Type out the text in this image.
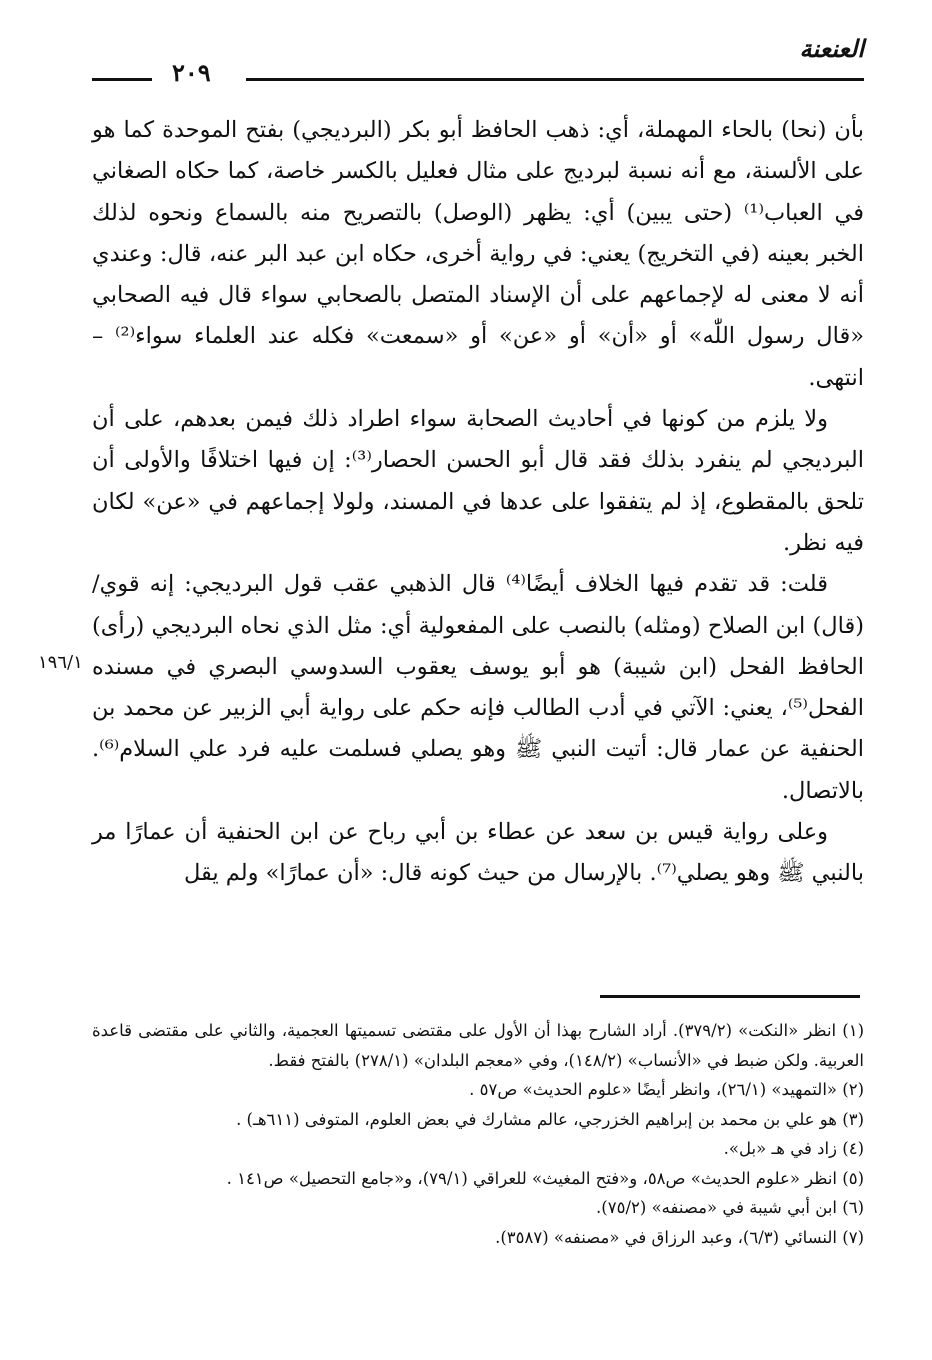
العنعنة
٢٠٩

بأن (نحا) بالحاء المهملة، أي: ذهب الحافظ أبو بكر (البرديجي) بفتح الموحدة كما هو على الألسنة، مع أنه نسبة لبرديج على مثال فعليل بالكسر خاصة، كما حكاه الصغاني في العباب⁽¹⁾ (حتى يبين) أي: يظهر (الوصل) بالتصريح منه بالسماع ونحوه لذلك الخبر بعينه (في التخريج) يعني: في رواية أخرى، حكاه ابن عبد البر عنه، قال: وعندي أنه لا معنى له لإجماعهم على أن الإسناد المتصل بالصحابي سواء قال فيه الصحابي «قال رسول اللّٰه» أو «أن» أو «عن» أو «سمعت» فكله عند العلماء سواء⁽²⁾ – انتهى.

ولا يلزم من كونها في أحاديث الصحابة سواء اطراد ذلك فيمن بعدهم، على أن البرديجي لم ينفرد بذلك فقد قال أبو الحسن الحصار⁽³⁾: إن فيها اختلافًا والأولى أن تلحق بالمقطوع، إذ لم يتفقوا على عدها في المسند، ولولا إجماعهم في «عن» لكان فيه نظر.

قلت: قد تقدم فيها الخلاف أيضًا⁽⁴⁾ قال الذهبي عقب قول البرديجي: إنه قوي/ (قال) ابن الصلاح (ومثله) بالنصب على المفعولية أي: مثل الذي نحاه البرديجي (رأى) الحافظ الفحل (ابن شيبة) هو أبو يوسف يعقوب السدوسي البصري في مسنده الفحل⁽⁵⁾، يعني: الآتي في أدب الطالب فإنه حكم على رواية أبي الزبير عن محمد بن الحنفية عن عمار قال: أتيت النبي ﷺ وهو يصلي فسلمت عليه فرد علي السلام⁽⁶⁾. بالاتصال.

وعلى رواية قيس بن سعد عن عطاء بن أبي رباح عن ابن الحنفية أن عمارًا مر بالنبي ﷺ وهو يصلي⁽⁷⁾. بالإرسال من حيث كونه قال: «أن عمارًا» ولم يقل

١٩٦/١

(١) انظر «النكت» (٣٧٩/٢). أراد الشارح بهذا أن الأول على مقتضى تسميتها العجمية، والثاني على مقتضى قاعدة العربية. ولكن ضبط في «الأنساب» (١٤٨/٢)، وفي «معجم البلدان» (٢٧٨/١) بالفتح فقط.

(٢) «التمهيد» (٢٦/١)، وانظر أيضًا «علوم الحديث» ص٥٧ .

(٣) هو علي بن محمد بن إبراهيم الخزرجي، عالم مشارك في بعض العلوم، المتوفى (٦١١هـ) .

(٤) زاد في هـ «بل».

(٥) انظر «علوم الحديث» ص٥٨، و«فتح المغيث» للعراقي (٧٩/١)، و«جامع التحصيل» ص١٤١ .

(٦) ابن أبي شيبة في «مصنفه» (٧٥/٢).

(٧) النسائي (٦/٣)، وعبد الرزاق في «مصنفه» (٣٥٨٧).
